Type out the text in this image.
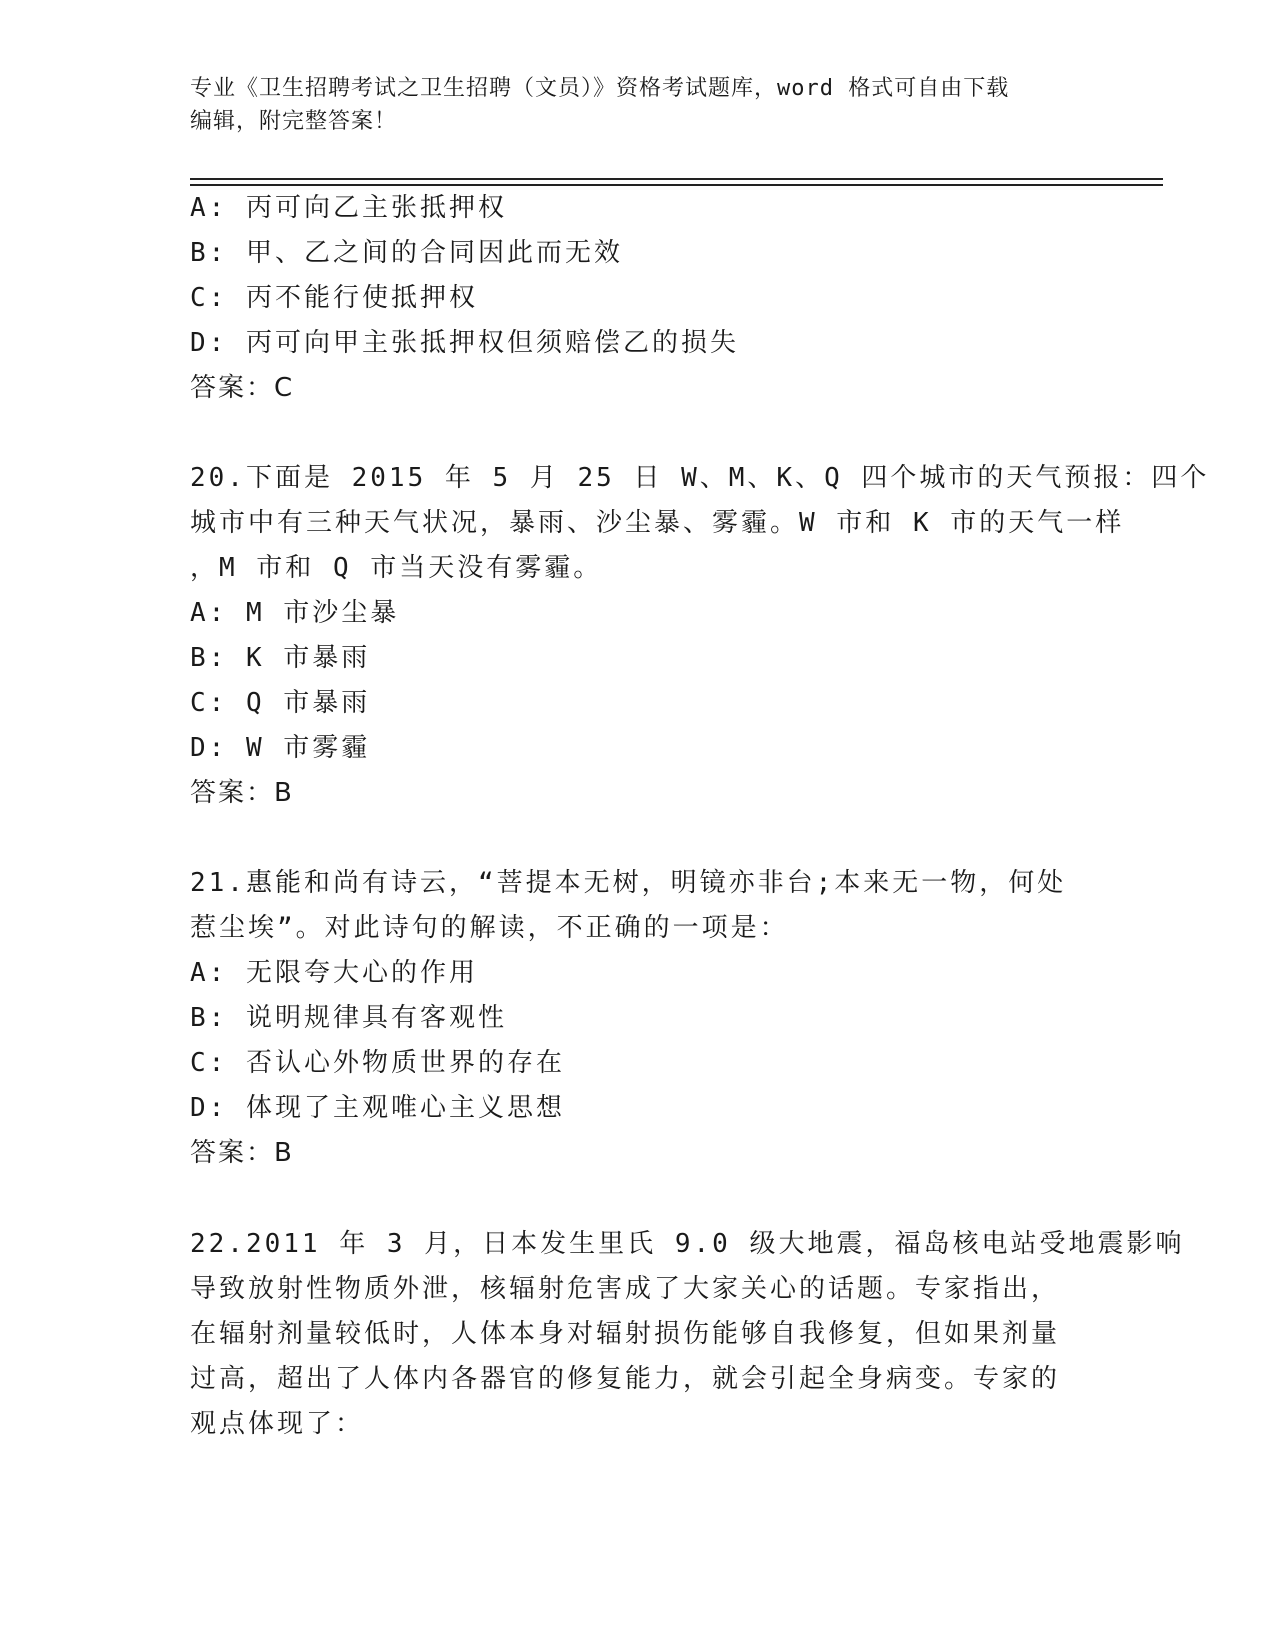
专业《卫生招聘考试之卫生招聘（文员）》资格考试题库，word 格式可自由下载
编辑，附完整答案！
A: 丙可向乙主张抵押权
B: 甲、乙之间的合同因此而无效
C: 丙不能行使抵押权
D: 丙可向甲主张抵押权但须赔偿乙的损失
答案：C
20.下面是 2015 年 5 月 25 日 W、M、K、Q 四个城市的天气预报：四个
城市中有三种天气状况，暴雨、沙尘暴、雾霾。W 市和 K 市的天气一样
，M 市和 Q 市当天没有雾霾。
A: M 市沙尘暴
B: K 市暴雨
C: Q 市暴雨
D: W 市雾霾
答案：B
21.惠能和尚有诗云，“菩提本无树，明镜亦非台;本来无一物，何处
惹尘埃”。对此诗句的解读，不正确的一项是：
A: 无限夸大心的作用
B: 说明规律具有客观性
C: 否认心外物质世界的存在
D: 体现了主观唯心主义思想
答案：B
22.2011 年 3 月，日本发生里氏 9.0 级大地震，福岛核电站受地震影响
导致放射性物质外泄，核辐射危害成了大家关心的话题。专家指出，
在辐射剂量较低时，人体本身对辐射损伤能够自我修复，但如果剂量
过高，超出了人体内各器官的修复能力，就会引起全身病变。专家的
观点体现了：
